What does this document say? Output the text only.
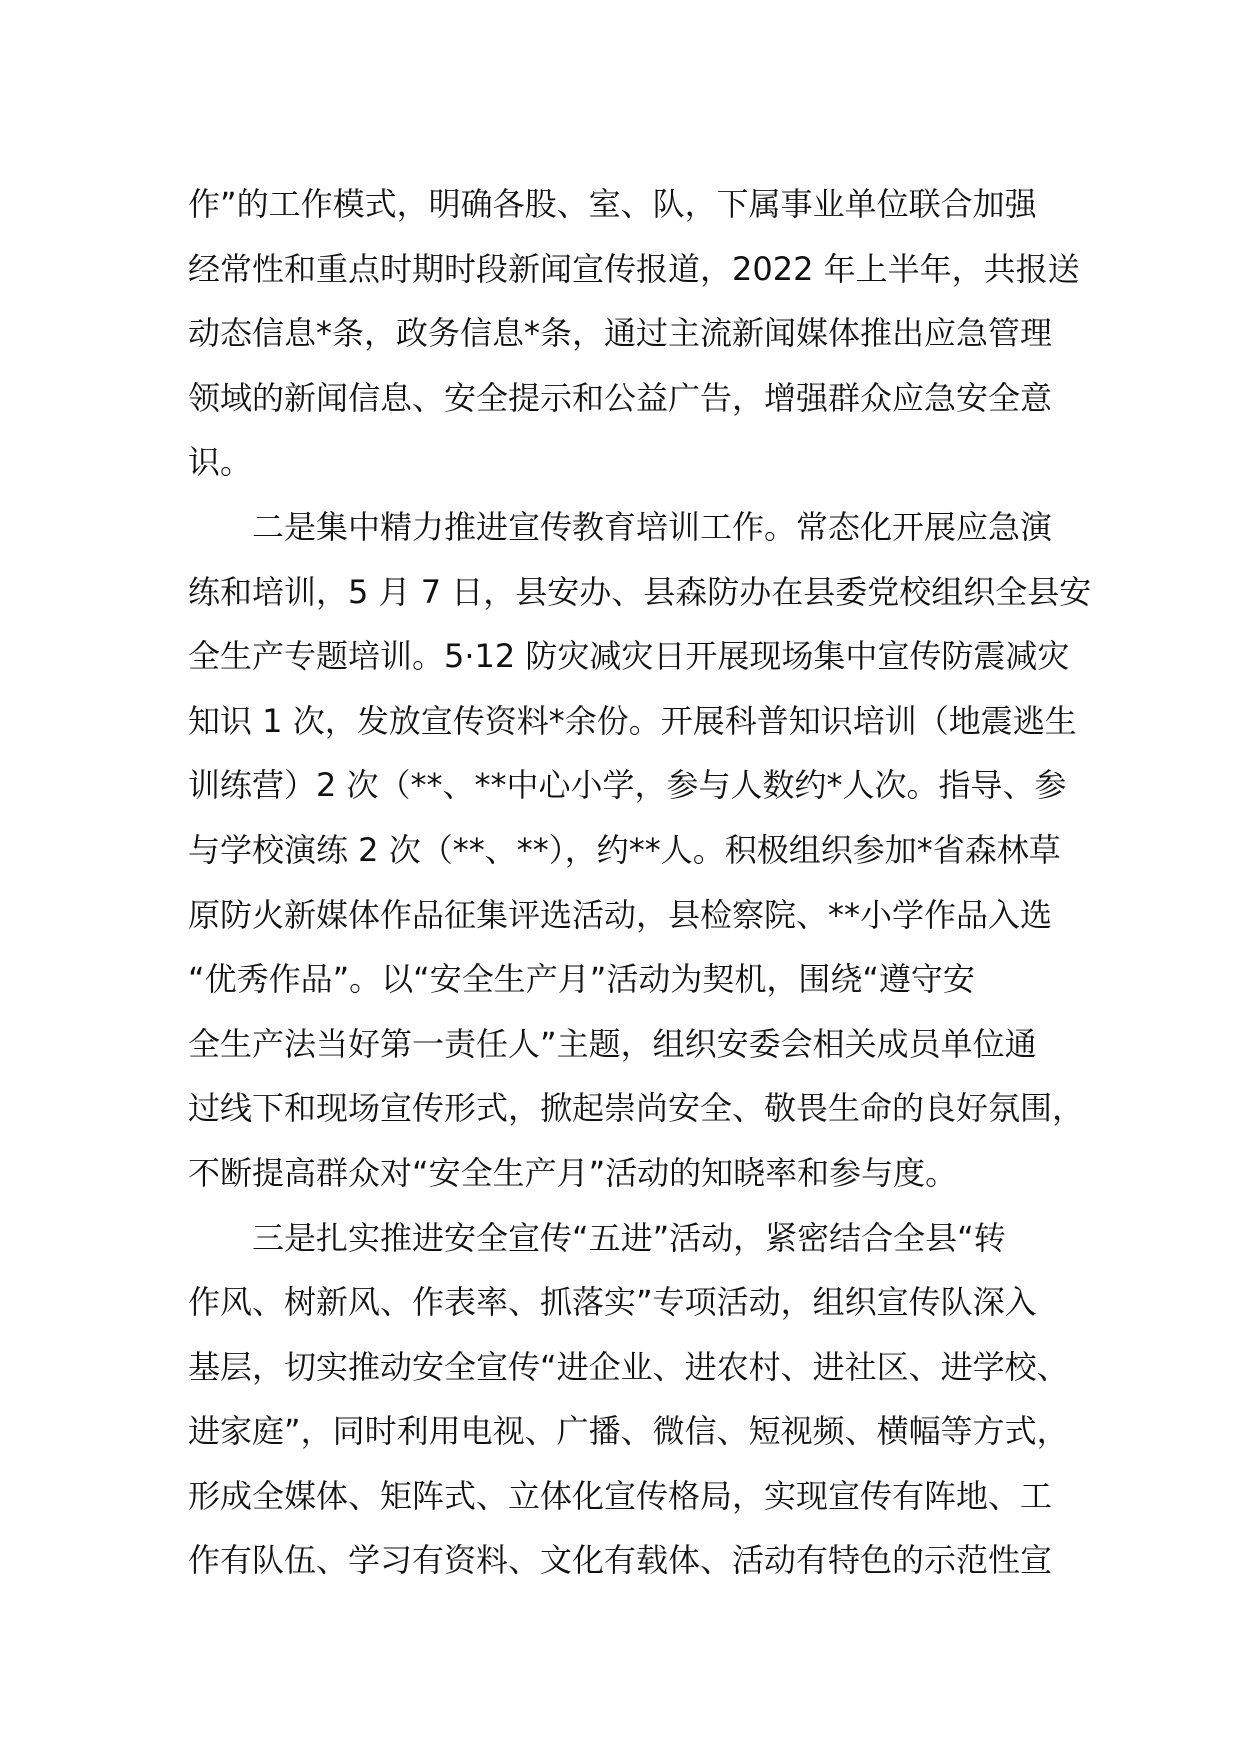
作”的工作模式，明确各股、室、队，下属事业单位联合加强
经常性和重点时期时段新闻宣传报道，2022 年上半年，共报送
动态信息*条，政务信息*条，通过主流新闻媒体推出应急管理
领域的新闻信息、安全提示和公益广告，增强群众应急安全意
识。
　　二是集中精力推进宣传教育培训工作。常态化开展应急演
练和培训，5 月 7 日，县安办、县森防办在县委党校组织全县安
全生产专题培训。5·12 防灾减灾日开展现场集中宣传防震减灾
知识 1 次，发放宣传资料*余份。开展科普知识培训（地震逃生
训练营）2 次（**、**中心小学，参与人数约*人次。指导、参
与学校演练 2 次（**、**），约**人。积极组织参加*省森林草
原防火新媒体作品征集评选活动，县检察院、**小学作品入选
“优秀作品”。以“安全生产月”活动为契机，围绕“遵守安
全生产法当好第一责任人”主题，组织安委会相关成员单位通
过线下和现场宣传形式，掀起崇尚安全、敬畏生命的良好氛围，
不断提高群众对“安全生产月”活动的知晓率和参与度。
　　三是扎实推进安全宣传“五进”活动，紧密结合全县“转
作风、树新风、作表率、抓落实”专项活动，组织宣传队深入
基层，切实推动安全宣传“进企业、进农村、进社区、进学校、
进家庭”，同时利用电视、广播、微信、短视频、横幅等方式，
形成全媒体、矩阵式、立体化宣传格局，实现宣传有阵地、工
作有队伍、学习有资料、文化有载体、活动有特色的示范性宣
